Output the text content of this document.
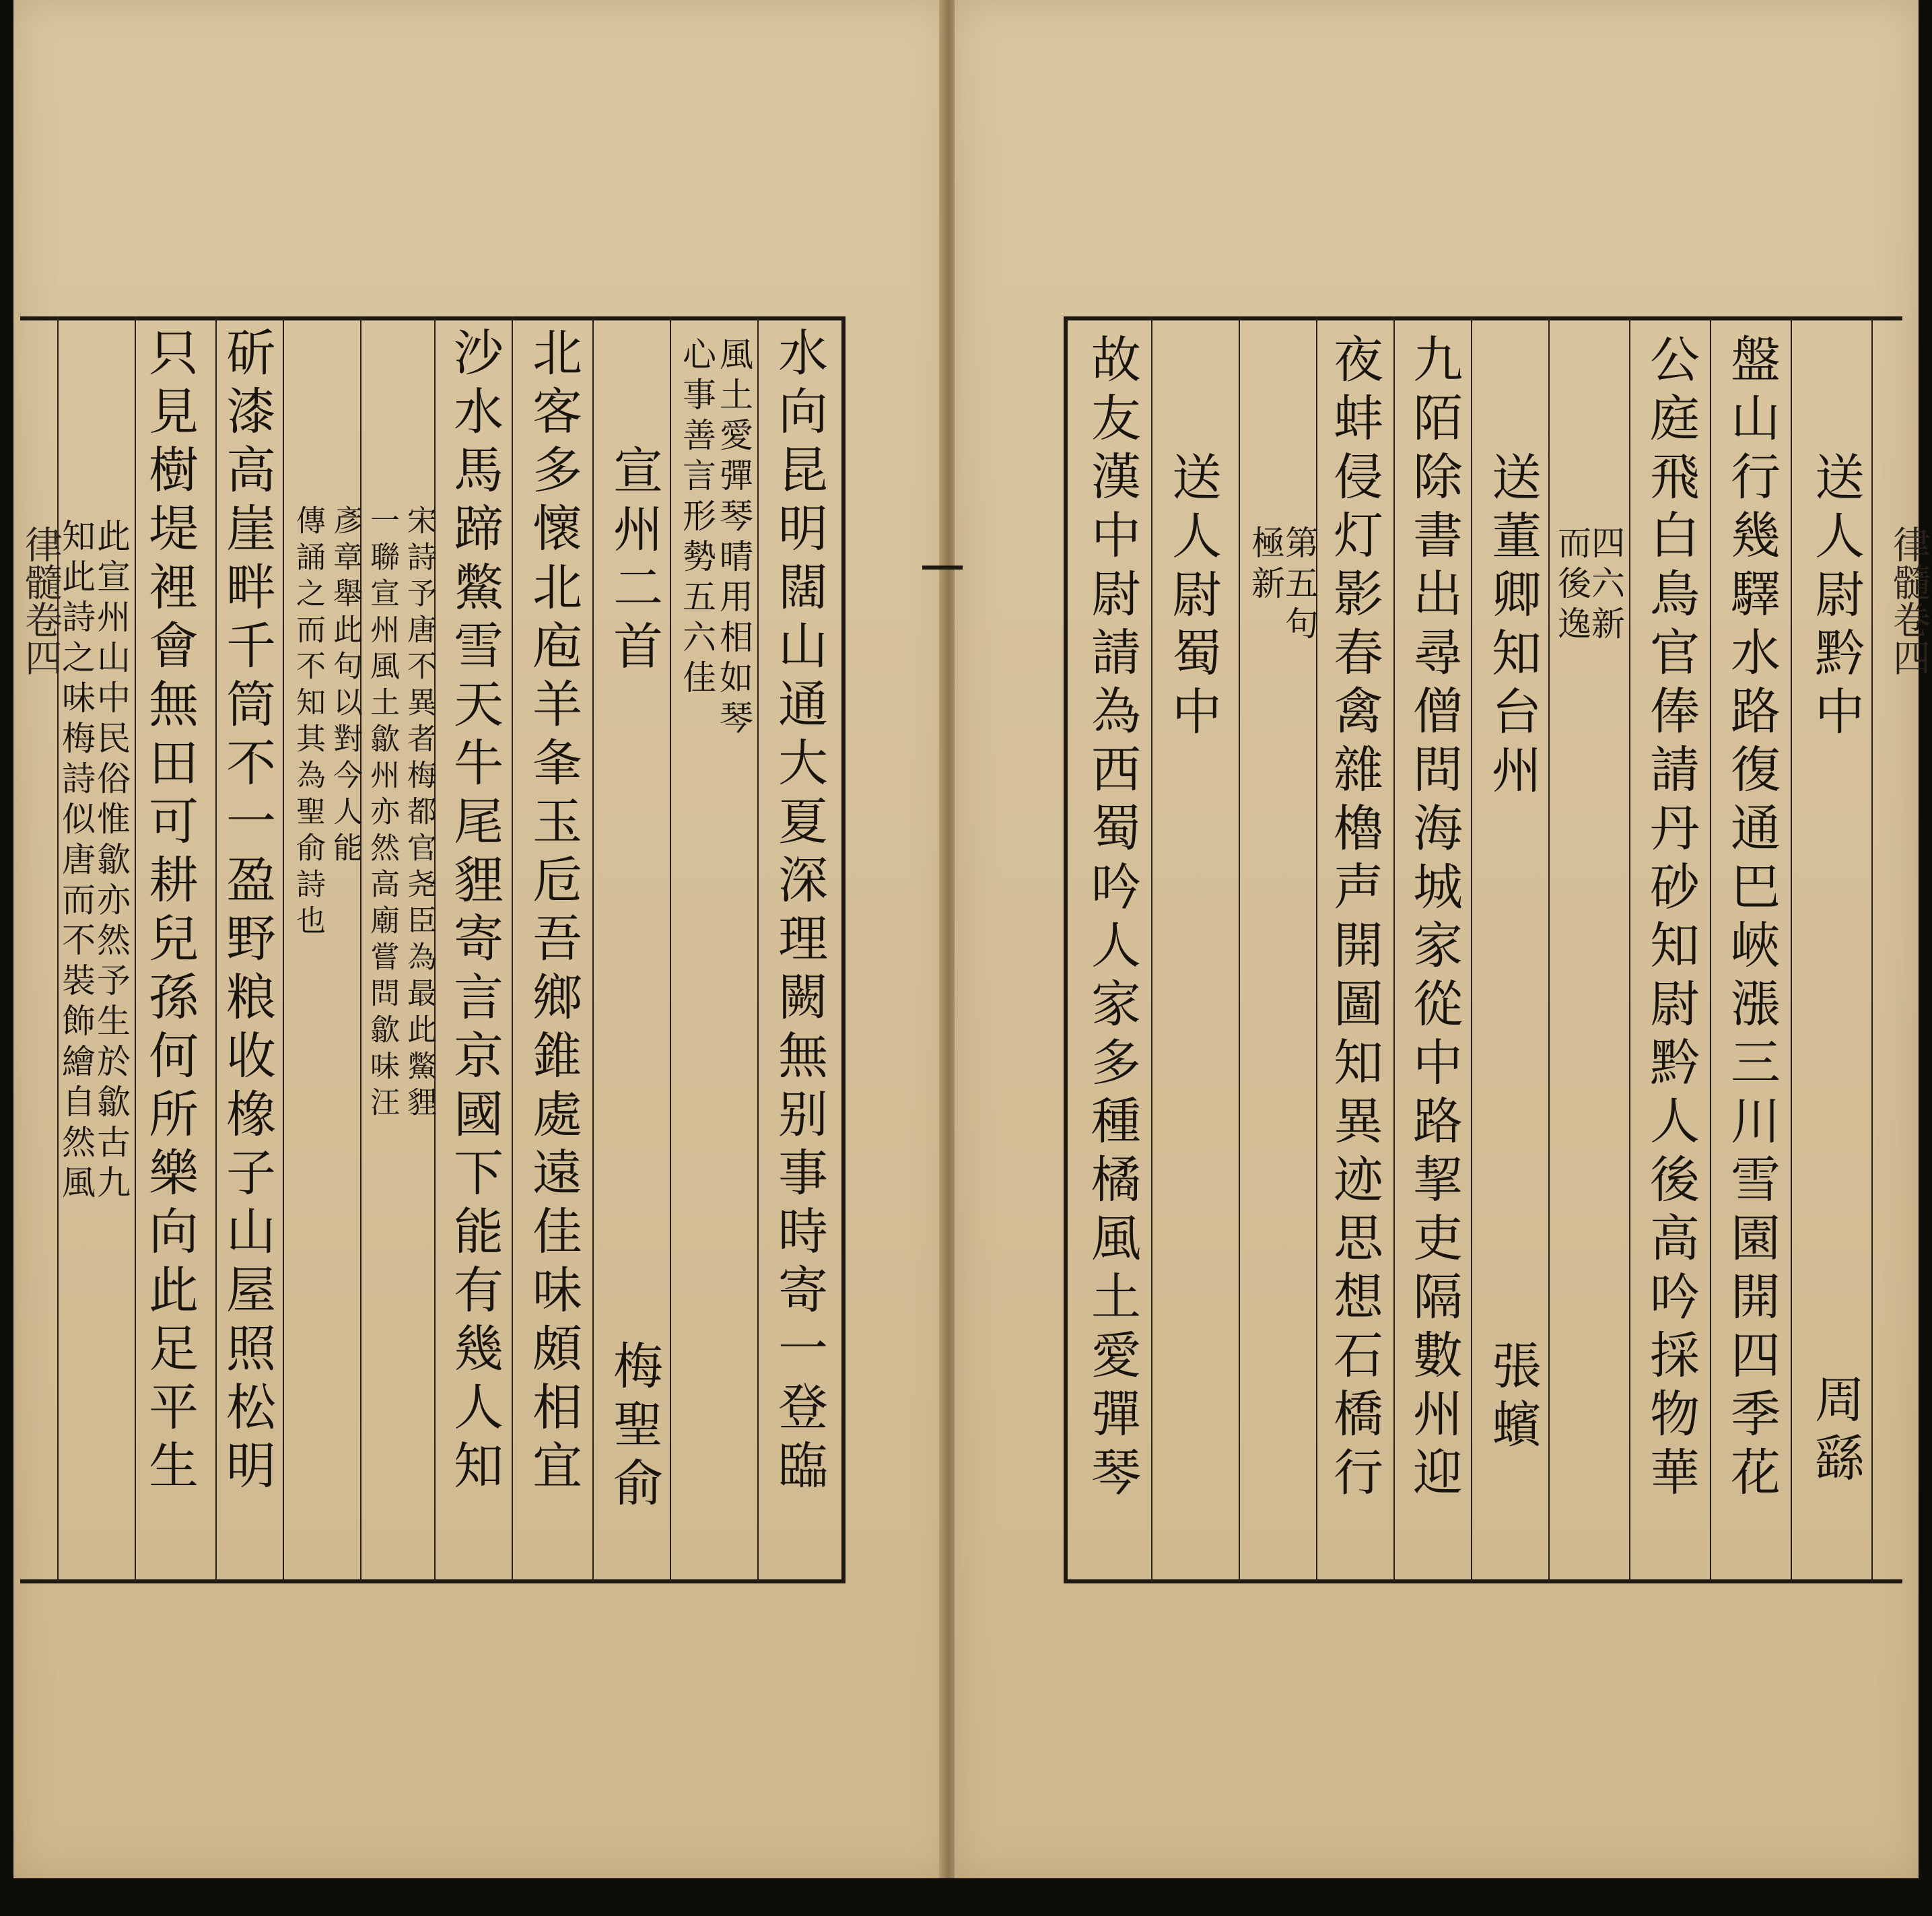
水向昆明闊山通大夏深理闕無别事時寄一登臨
風土愛彈琴晴用相如琴
心事善言形勢五六佳
宣州二首
梅聖俞
北客多懷北庖羊夆玉卮吾鄉錐處遠佳味頗相宜
沙水馬蹄鱉雪天牛尾貍寄言京國下能有幾人知
宋詩予唐不異者梅都官尧臣為最此鱉貍
一聯宣州風土歙州亦然高廟嘗問歙味汪
彥章舉此句以對今人能
傳誦之而不知其為聖俞詩也
斫漆高崖畔千筒不一盈野粮收橡子山屋照松明
只見樹堤裡會無田可耕兒孫何所樂向此足平生
此宣州山中民俗惟歙亦然予生於歙古九
知此詩之味梅詩似唐而不裝飾繪自然風
律髓卷四	送人尉黔中
周繇
盤山行幾驛水路復通巴峽漲三川雪園開四季花
公庭飛白鳥官俸請丹砂知尉黔人後高吟採物華
四六新
而後逸
送董卿知台州
張蠙
九陌除書出尋僧問海城家從中路挈吏隔數州迎
夜蚌侵灯影春禽雜櫓声開圖知異迹思想石橋行
第五句
極新
送人尉蜀中
故友漢中尉請為西蜀吟人家多種橘風土愛彈琴	律髓卷四
